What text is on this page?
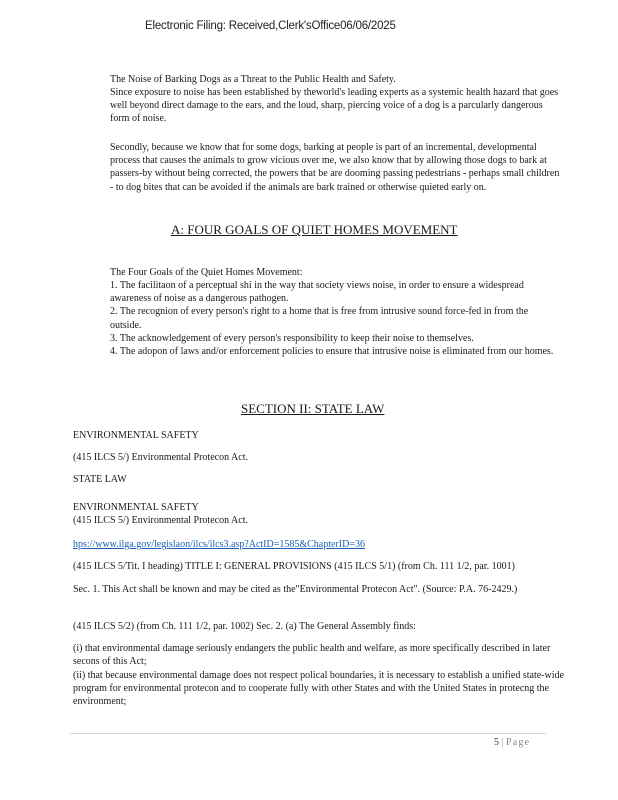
Electronic Filing: Received,Clerk'sOffice06/06/2025

The Noise of Barking Dogs as a Threat to the Public Health and Safety.

Since exposure to noise has been established by theworld's leading experts as a systemic health hazard that goes well beyond direct damage to the ears, and the loud, sharp, piercing voice of a dog is a parcularly dangerous form of noise.

Secondly, because we know that for some dogs, barking at people is part of an incremental, developmental process that causes the animals to grow vicious over me, we also know that by allowing those dogs to bark at passers-by without being corrected, the powers that be are dooming passing pedestrians - perhaps small children - to dog bites that can be avoided if the animals are bark trained or otherwise quieted early on.

A: FOUR GOALS OF QUIET HOMES MOVEMENT

The Four Goals of the Quiet Homes Movement:

1. The facilitaon of a perceptual shi in the way that society views noise, in order to ensure a widespread awareness of noise as a dangerous pathogen.
2. The recognion of every person's right to a home that is free from intrusive sound force-fed in from the outside.
3. The acknowledgement of every person's responsibility to keep their noise to themselves.
4. The adopon of laws and/or enforcement policies to ensure that intrusive noise is eliminated from our homes.
SECTION II: STATE LAW

ENVIRONMENTAL SAFETY

(415 ILCS 5/) Environmental Protecon Act.

STATE LAW

ENVIRONMENTAL SAFETY

(415 ILCS 5/) Environmental Protecon Act.

hps://www.ilga.gov/legislaon/ilcs/ilcs3.asp?ActID=1585&ChapterID=36

(415 ILCS 5/Tit. I heading) TITLE I: GENERAL PROVISIONS (415 ILCS 5/1) (from Ch. 111 1/2, par. 1001)

Sec. 1. This Act shall be known and may be cited as the"Environmental Protecon Act". (Source: P.A. 76-2429.)

(415 ILCS 5/2) (from Ch. 111 1/2, par. 1002) Sec. 2. (a) The General Assembly finds:

(i) that environmental damage seriously endangers the public health and welfare, as more specifically described in later secons of this Act;

(ii) that because environmental damage does not respect polical boundaries, it is necessary to establish a unified state-wide program for environmental protecon and to cooperate fully with other States and with the United States in protecng the environment;

5 | Page
